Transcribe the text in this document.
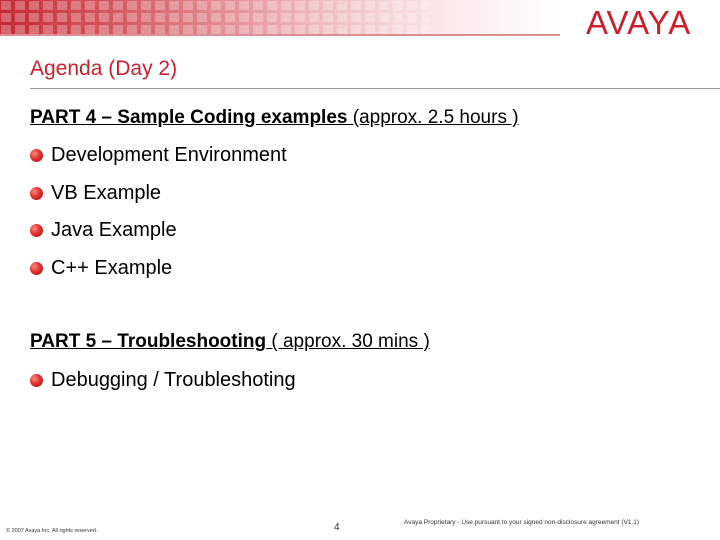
AVAYA
Agenda (Day 2)

PART 4 – Sample Coding examples (approx. 2.5 hours )

Development Environment
VB Example
Java Example
C++ Example

PART 5 – Troubleshooting ( approx. 30 mins )

Debugging / Troubleshoting
© 2007 Avaya Inc. All rights reserved.	4	Avaya Proprietary - Use pursuant to your signed non-disclosure agreement (V1.1)
